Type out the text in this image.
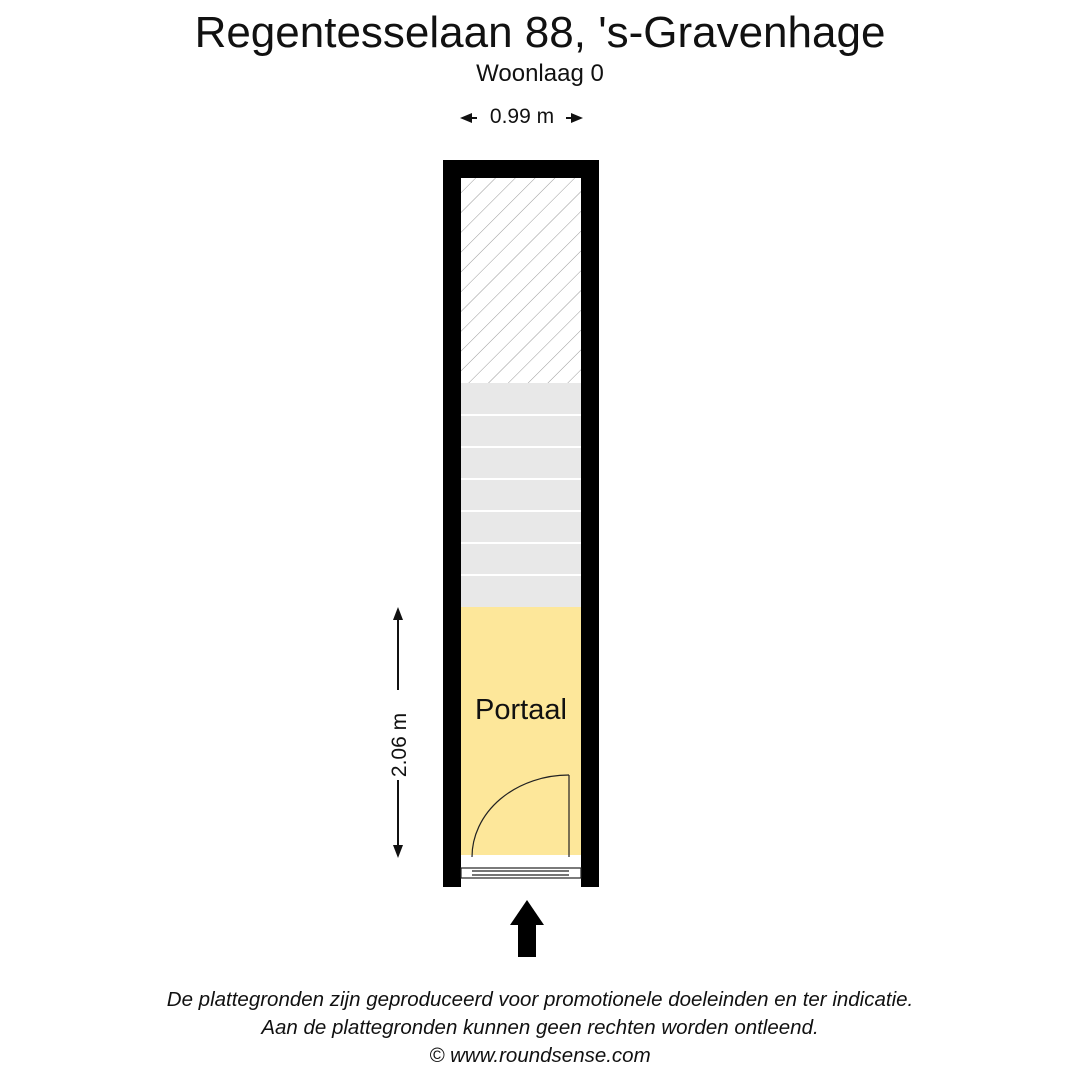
Regentesselaan 88, 's-Gravenhage
Woonlaag 0
2.06 m
0.99 m
Portaal
De plattegronden zijn geproduceerd voor promotionele doeleinden en ter indicatie.
Aan de plattegronden kunnen geen rechten worden ontleend.
© www.roundsense.com
